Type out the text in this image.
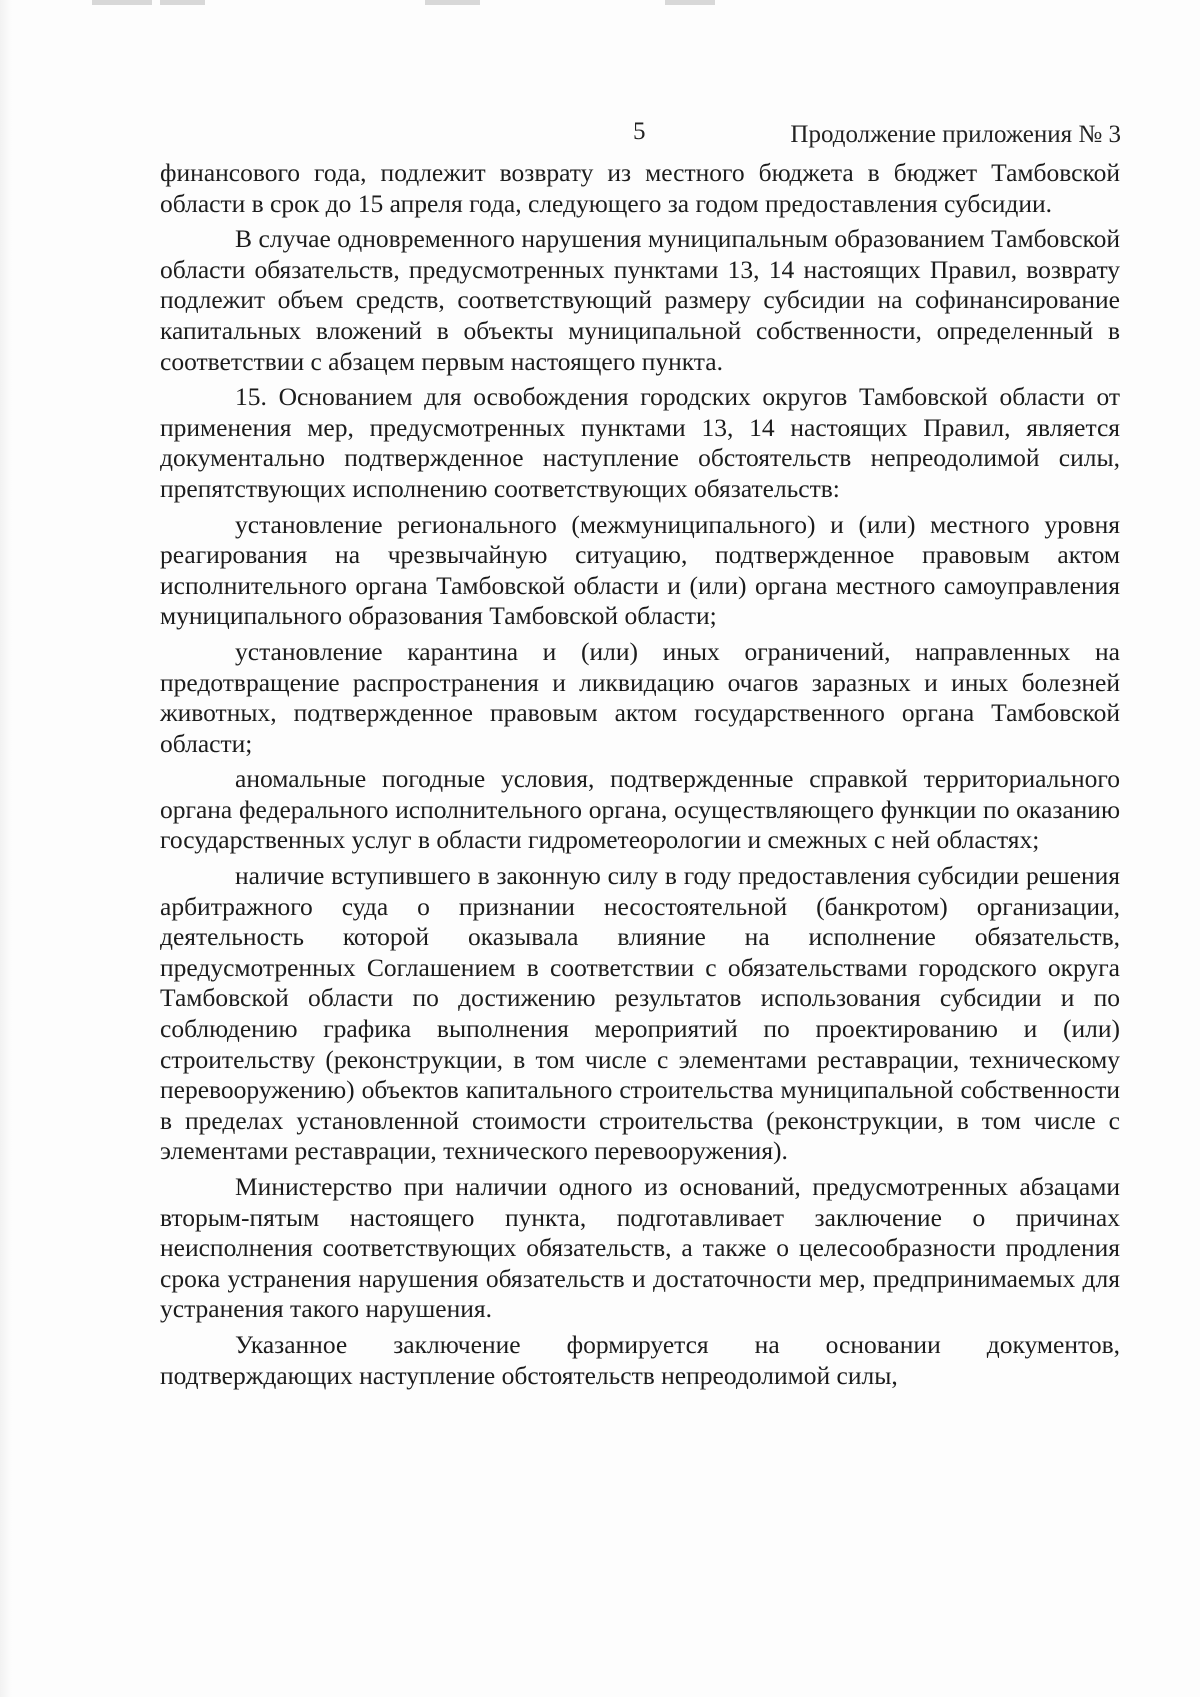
5	Продолжение приложения № 3

финансового года, подлежит возврату из местного бюджета в бюджет Тамбовской области в срок до 15 апреля года, следующего за годом предоставления субсидии.

В случае одновременного нарушения муниципальным образованием Тамбовской области обязательств, предусмотренных пунктами 13, 14 настоящих Правил, возврату подлежит объем средств, соответствующий размеру субсидии на софинансирование капитальных вложений в объекты муниципальной собственности, определенный в соответствии с абзацем первым настоящего пункта.

15. Основанием для освобождения городских округов Тамбовской области от применения мер, предусмотренных пунктами 13, 14 настоящих Правил, является документально подтвержденное наступление обстоятельств непреодолимой силы, препятствующих исполнению соответствующих обязательств:

установление регионального (межмуниципального) и (или) местного уровня реагирования на чрезвычайную ситуацию, подтвержденное правовым актом исполнительного органа Тамбовской области и (или) органа местного самоуправления муниципального образования Тамбовской области;

установление карантина и (или) иных ограничений, направленных на предотвращение распространения и ликвидацию очагов заразных и иных болезней животных, подтвержденное правовым актом государственного органа Тамбовской области;

аномальные погодные условия, подтвержденные справкой территориального органа федерального исполнительного органа, осуществляющего функции по оказанию государственных услуг в области гидрометеорологии и смежных с ней областях;

наличие вступившего в законную силу в году предоставления субсидии решения арбитражного суда о признании несостоятельной (банкротом) организации, деятельность которой оказывала влияние на исполнение обязательств, предусмотренных Соглашением в соответствии с обязательствами городского округа Тамбовской области по достижению результатов использования субсидии и по соблюдению графика выполнения мероприятий по проектированию и (или) строительству (реконструкции, в том числе с элементами реставрации, техническому перевооружению) объектов капитального строительства муниципальной собственности в пределах установленной стоимости строительства (реконструкции, в том числе с элементами реставрации, технического перевооружения).

Министерство при наличии одного из оснований, предусмотренных абзацами вторым-пятым настоящего пункта, подготавливает заключение о причинах неисполнения соответствующих обязательств, а также о целесообразности продления срока устранения нарушения обязательств и достаточности мер, предпринимаемых для устранения такого нарушения.

Указанное заключение формируется на основании документов, подтверждающих наступление обстоятельств непреодолимой силы,
